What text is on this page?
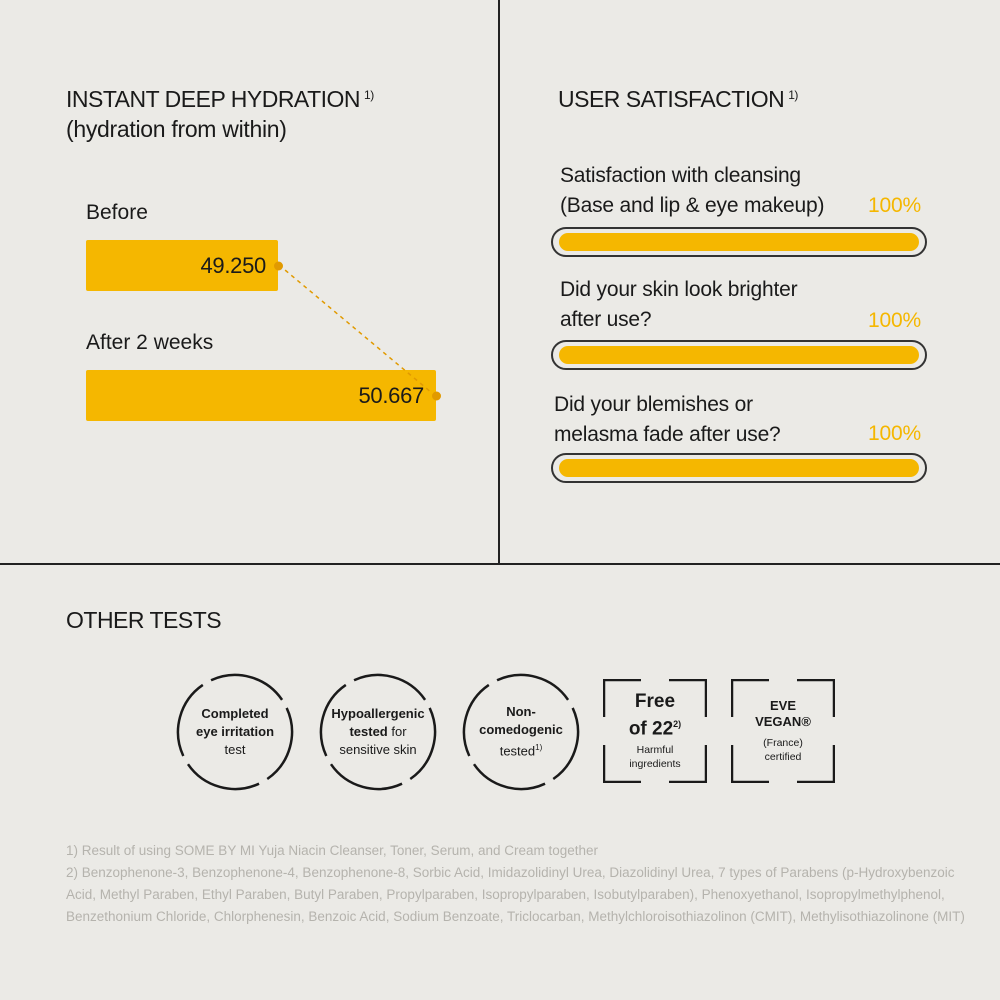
INSTANT DEEP HYDRATION $^{1)}$
(hydration from within)
Before
49.250
After 2 weeks
50.667
USER SATISFACTION $^{1)}$
Satisfaction with cleansing
(Base and lip & eye makeup) 100%
Did your skin look brighter
after use?	100%
Did your blemishes or
melasma fade after use?	100%
OTHER TESTS
Completed
eye irritation
test
Hypoallergenic
tested for
sensitive skin
Non-
comedogenic
tested$^{1)}$
Free
of 22$^{2)}$
Harmful
ingredients
EVE
VEGAN®
(France)
certified

1) Result of using SOME BY MI Yuja Niacin Cleanser, Toner, Serum, and Cream together

2) Benzophenone-3, Benzophenone-4, Benzophenone-8, Sorbic Acid, Imidazolidinyl Urea, Diazolidinyl Urea, 7 types of Parabens (p-Hydroxybenzoic Acid, Methyl Paraben, Ethyl Paraben, Butyl Paraben, Propylparaben, Isopropylparaben, Isobutylparaben), Phenoxyethanol, Isopropylmethylphenol, Benzethonium Chloride, Chlorphenesin, Benzoic Acid, Sodium Benzoate, Triclocarban, Methylchloroisothiazolinon (CMIT), Methylisothiazolinone (MIT)
